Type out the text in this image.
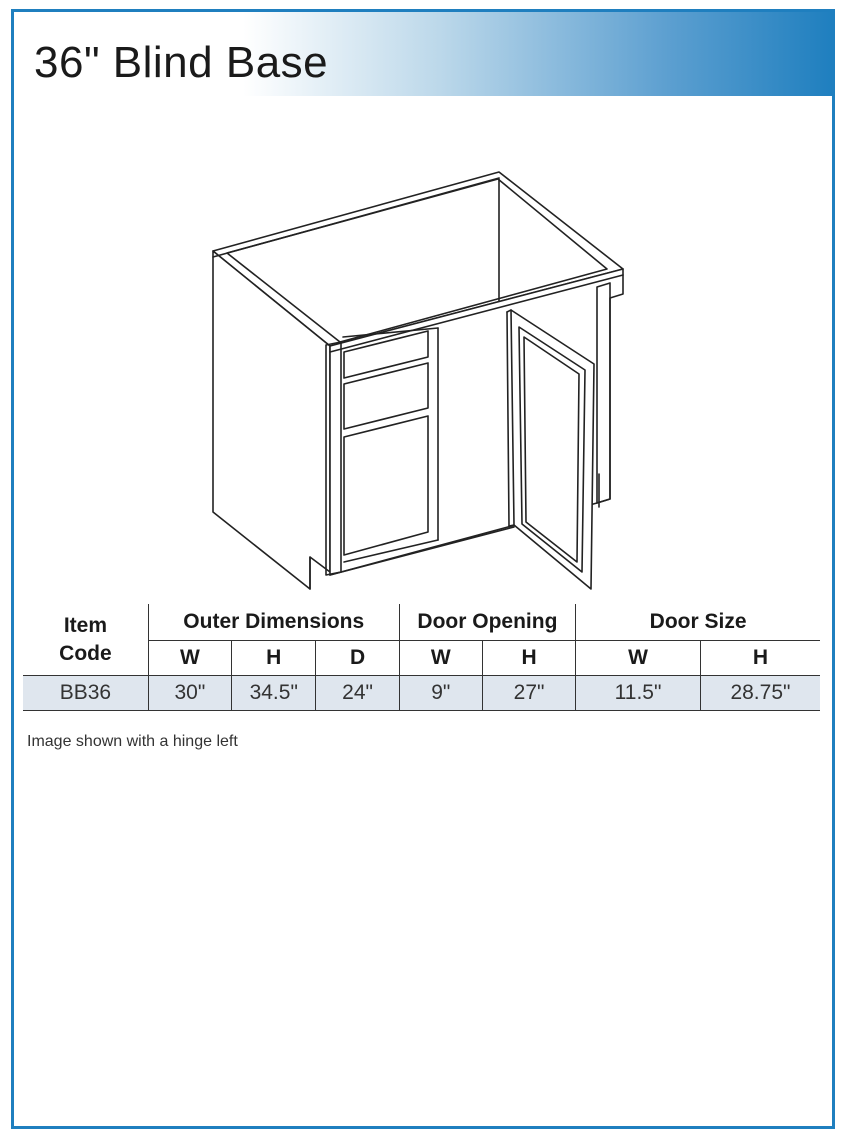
36" Blind Base
Item
Code	Outer Dimensions			Door Opening		Door Size	
	W	H	D	W	H	W	H
BB36	30"	34.5"	24"	9"	27"	11.5"	28.75"

Image shown with a hinge left
